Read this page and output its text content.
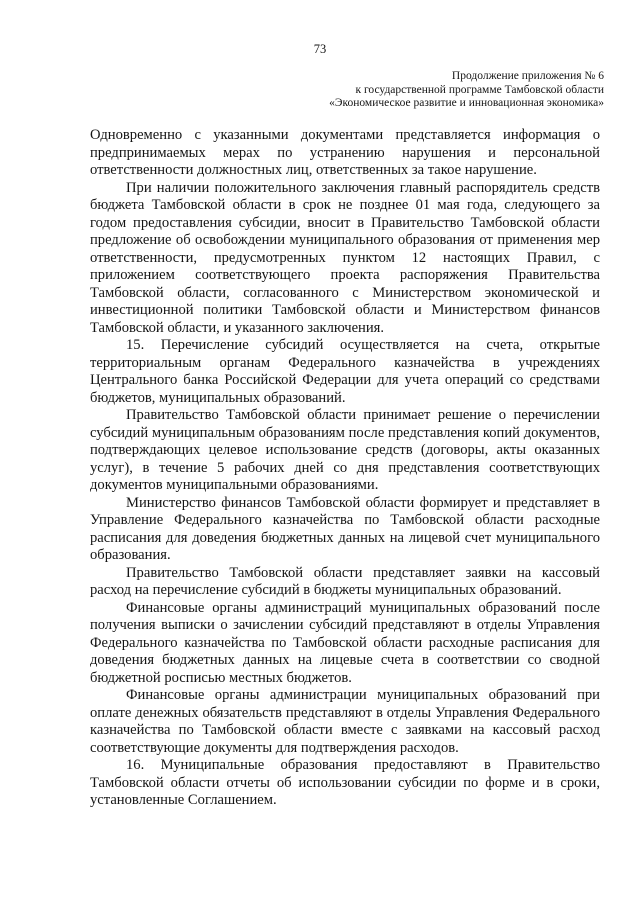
73
Продолжение приложения № 6
к государственной программе Тамбовской области
«Экономическое развитие и инновационная экономика»

Одновременно с указанными документами представляется информация о предпринимаемых мерах по устранению нарушения и персональной ответственности должностных лиц, ответственных за такое нарушение.

При наличии положительного заключения главный распорядитель средств бюджета Тамбовской области в срок не позднее 01 мая года, следующего за годом предоставления субсидии, вносит в Правительство Тамбовской области предложение об освобождении муниципального образования от применения мер ответственности, предусмотренных пунктом 12 настоящих Правил, с приложением соответствующего проекта распоряжения Правительства Тамбовской области, согласованного с Министерством экономической и инвестиционной политики Тамбовской области и Министерством финансов Тамбовской области, и указанного заключения.

15. Перечисление субсидий осуществляется на счета, открытые территориальным органам Федерального казначейства в учреждениях Центрального банка Российской Федерации для учета операций со средствами бюджетов, муниципальных образований.

Правительство Тамбовской области принимает решение о перечислении субсидий муниципальным образованиям после представления копий документов, подтверждающих целевое использование средств (договоры, акты оказанных услуг), в течение 5 рабочих дней со дня представления соответствующих документов муниципальными образованиями.

Министерство финансов Тамбовской области формирует и представляет в Управление Федерального казначейства по Тамбовской области расходные расписания для доведения бюджетных данных на лицевой счет муниципального образования.

Правительство Тамбовской области представляет заявки на кассовый расход на перечисление субсидий в бюджеты муниципальных образований.

Финансовые органы администраций муниципальных образований после получения выписки о зачислении субсидий представляют в отделы Управления Федерального казначейства по Тамбовской области расходные расписания для доведения бюджетных данных на лицевые счета в соответствии со сводной бюджетной росписью местных бюджетов.

Финансовые органы администрации муниципальных образований при оплате денежных обязательств представляют в отделы Управления Федерального казначейства по Тамбовской области вместе с заявками на кассовый расход соответствующие документы для подтверждения расходов.

16. Муниципальные образования предоставляют в Правительство Тамбовской области отчеты об использовании субсидии по форме и в сроки, установленные Соглашением.
